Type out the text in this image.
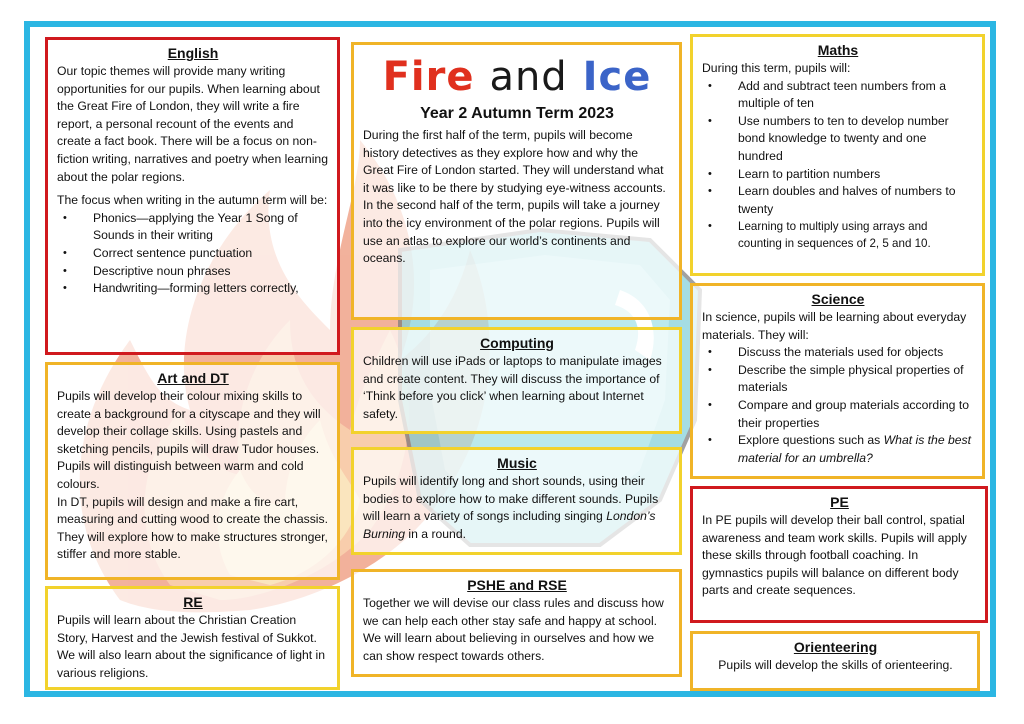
English

Our topic themes will provide many writing opportunities for our pupils. When learning about the Great Fire of London, they will write a fire report, a personal recount of the events and create a fact book. There will be a focus on non-fiction writing, narratives and poetry when learning about the polar regions.

The focus when writing in the autumn term will be:

• Phonics—applying the Year 1 Song of Sounds in their writing
• Correct sentence punctuation
• Descriptive noun phrases
• Handwriting—forming letters correctly,
Art and DT

Pupils will develop their colour mixing skills to create a background for a cityscape and they will develop their collage skills. Using pastels and sketching pencils, pupils will draw Tudor houses. Pupils will distinguish between warm and cold colours.

In DT, pupils will design and make a fire cart, measuring and cutting wood to create the chassis. They will explore how to make structures stronger, stiffer and more stable.

RE

Pupils will learn about the Christian Creation Story, Harvest and the Jewish festival of Sukkot. We will also learn about the significance of light in various religions.

Fire and Ice
Year 2 Autumn Term 2023

During the first half of the term, pupils will become history detectives as they explore how and why the Great Fire of London started. They will understand what it was like to be there by studying eye-witness accounts.

In the second half of the term, pupils will take a journey into the icy environment of the polar regions. Pupils will use an atlas to explore our world’s continents and oceans.

Computing

Children will use iPads or laptops to manipulate images and create content. They will discuss the importance of ‘Think before you click’ when learning about Internet safety.

Music

Pupils will identify long and short sounds, using their bodies to explore how to make different sounds. Pupils will learn a variety of songs including singing London’s Burning in a round.

PSHE and RSE

Together we will devise our class rules and discuss how we can help each other stay safe and happy at school. We will learn about believing in ourselves and how we can show respect towards others.

Maths

During this term, pupils will:

• Add and subtract teen numbers from a multiple of ten
• Use numbers to ten to develop number bond knowledge to twenty and one hundred
• Learn to partition numbers
• Learn doubles and halves of numbers to twenty
• Learning to multiply using arrays and counting in sequences of 2, 5 and 10.
Science

In science, pupils will be learning about everyday materials. They will:

• Discuss the materials used for objects
• Describe the simple physical properties of materials
• Compare and group materials according to their properties
• Explore questions such as What is the best material for an umbrella?
PE

In PE pupils will develop their ball control, spatial awareness and team work skills. Pupils will apply these skills through football coaching. In gymnastics pupils will balance on different body parts and create sequences.

Orienteering

Pupils will develop the skills of orienteering.
